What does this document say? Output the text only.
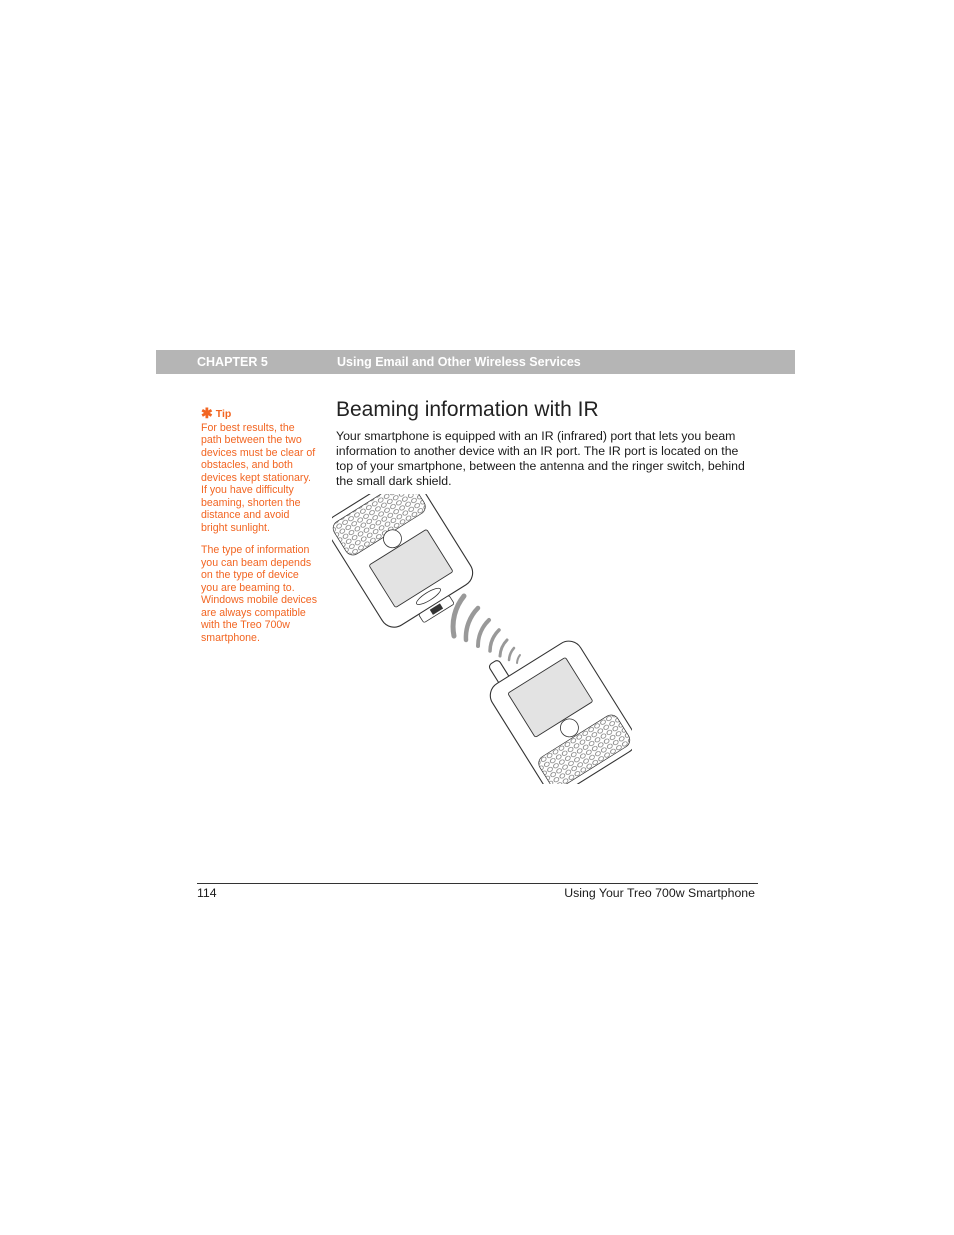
CHAPTER 5	Using Email and Other Wireless Services
✱ Tip

For best results, the path between the two devices must be clear of obstacles, and both devices kept stationary. If you have difficulty beaming, shorten the distance and avoid bright sunlight.

The type of information you can beam depends on the type of device you are beaming to. Windows mobile devices are always compatible with the Treo 700w smartphone.

Beaming information with IR

Your smartphone is equipped with an IR (infrared) port that lets you beam information to another device with an IR port. The IR port is located on the top of your smartphone, between the antenna and the ringer switch, behind the small dark shield.

114	Using Your Treo 700w Smartphone
